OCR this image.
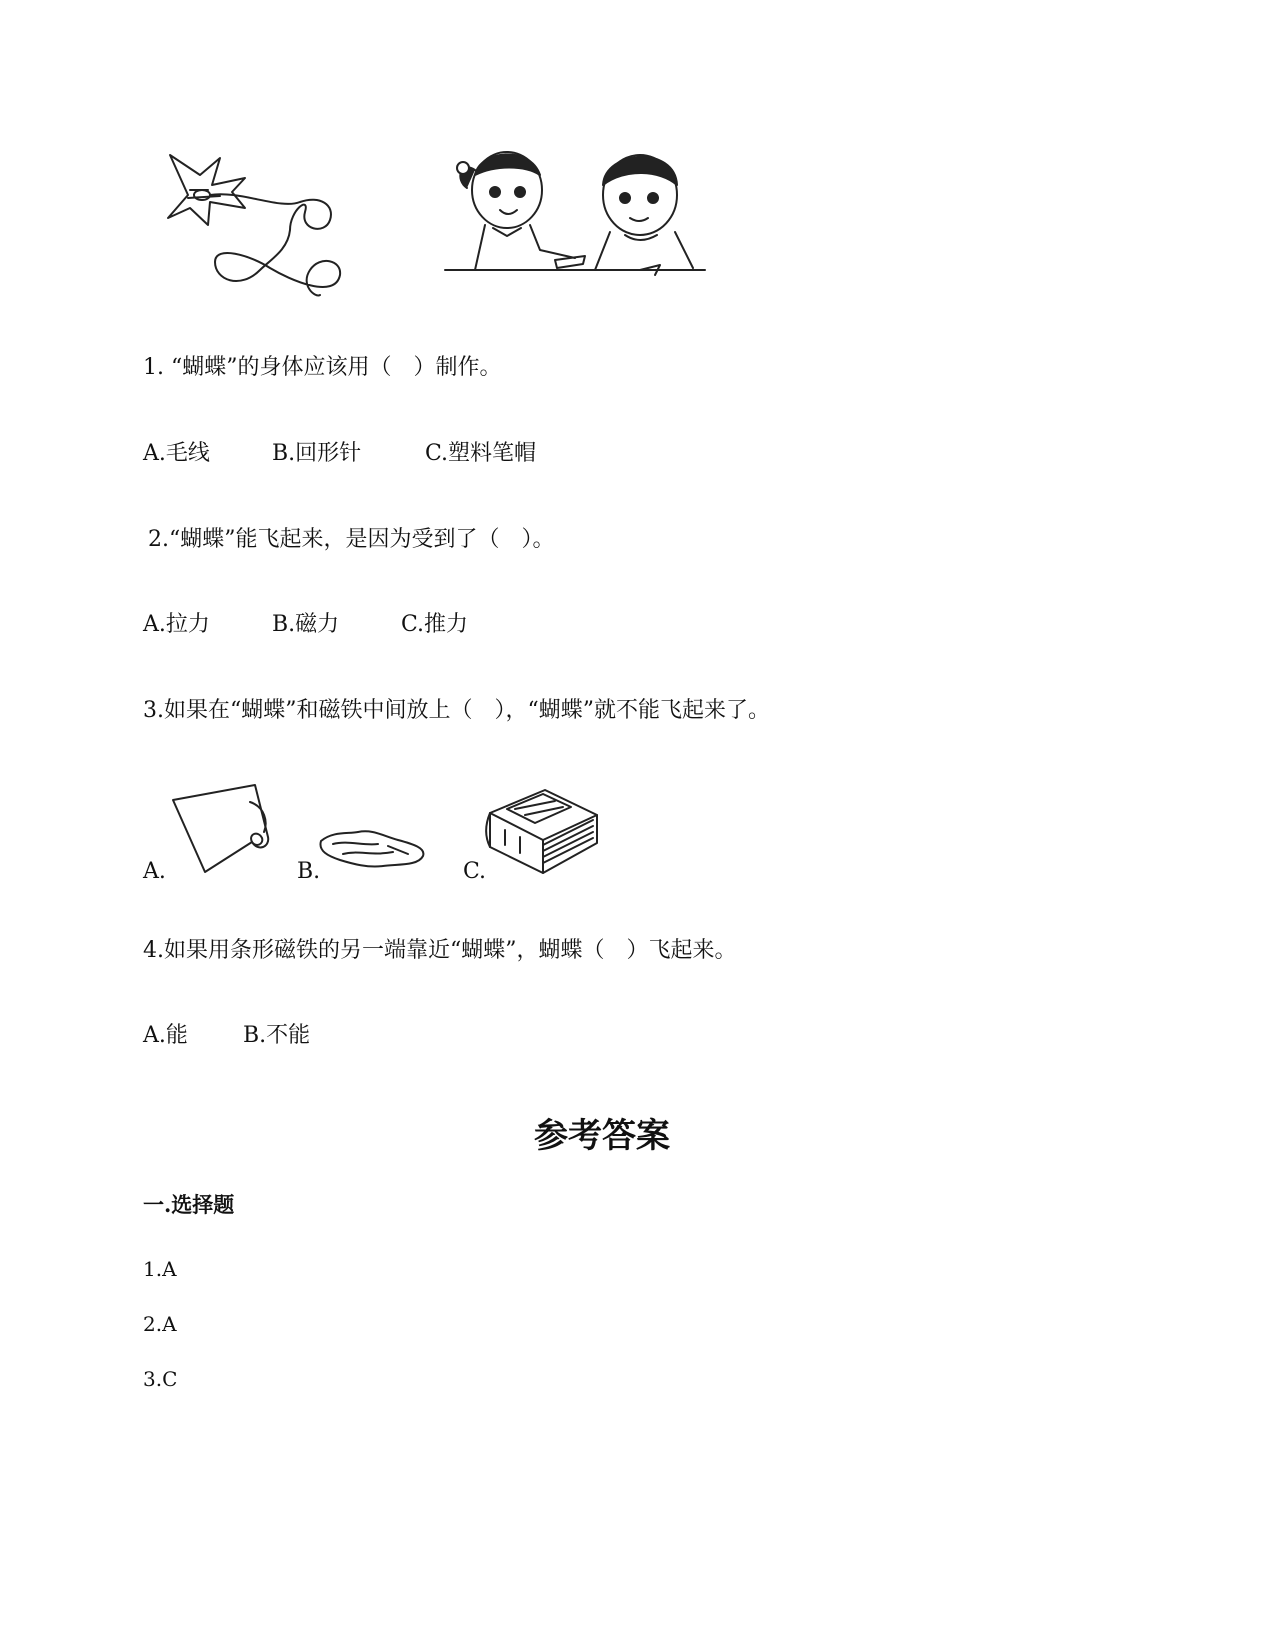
1. “蝴蝶”的身体应该用（　）制作。
A.毛线	B.回形针	C.塑料笔帽
2.“蝴蝶”能飞起来，是因为受到了（　）。
A.拉力	B.磁力	C.推力
3.如果在“蝴蝶”和磁铁中间放上（　），“蝴蝶”就不能飞起来了。
A.	B.	C.
4.如果用条形磁铁的另一端靠近“蝴蝶”，蝴蝶（　）飞起来。
A.能	B.不能
参考答案
一.选择题
1.A
2.A
3.C
